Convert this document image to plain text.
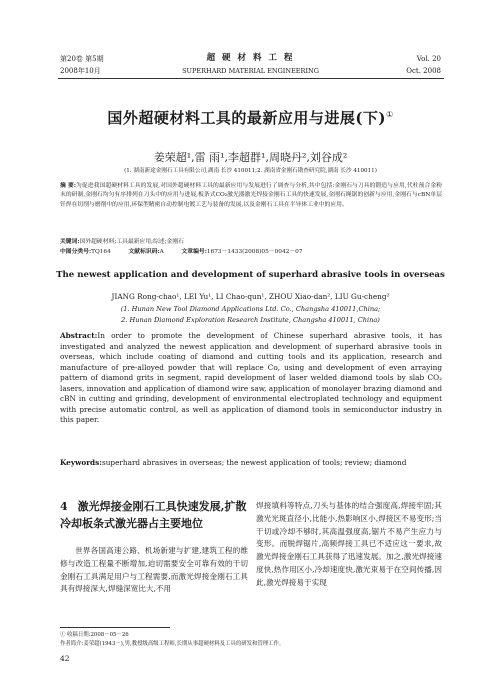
第20卷 第5期
2008年10月
超 硬 材 料 工 程
SUPERHARD MATERIAL ENGINEERING
Vol. 20
Oct. 2008
国外超硬材料工具的最新应用与进展(下)①
姜荣超¹,雷 雨¹,李超群¹,周晓丹²,刘谷成²
(1. 湖南新途金刚石工具有限公司,湖南 长沙 410011;2. 湖南省金刚石勘查研究院,湖南 长沙 410011)
摘 要:为促进我国超硬材料工具的发展,对国外超硬材料工具的最新应用与发展进行了调查与分析,其中包括:金刚石与刀具的锻造与应用,代柱预合金粉末的研制,金刚石均匀有序排列在刀头中的应用与进展,板条式CO₂激光器激光焊接金刚石工具的快速发展,金刚石绳锯的创新与应用,金刚石与cBN单层钎焊在切削与磨削中的应用,环保型精密自动控制电镀工艺与装备的发展,以及金刚石工具在半导体工业中的应用。
关键词:国外超硬材料;工具最新应用;综述;金刚石
中图分类号:TQ164	文献标识码:A	文章编号:1673－1433(2008)05－0042－07
The newest application and development of superhard abrasive tools in overseas
JIANG Rong-chao¹, LEI Yu¹, LI Chao-qun¹, ZHOU Xiao-dan², LIU Gu-cheng²
(1. Hunan New Tool Diamond Applications Ltd. Co., Changsha 410011,China;
2. Hunan Diamond Exploration Research Institute, Changsha 410011, China)
Abstract:In order to promote the development of Chinese superhard abrasive tools, it has investigated and analyzed the newest application and development of superhard abrasive tools in overseas, which include coating of diamond and cutting tools and its application, research and manufacture of pre-alloyed powder that will replace Co, using and development of even arraying pattern of diamond grits in segment, rapid development of laser welded diamond tools by slab CO₂ lasers, innovation and application of diamond wire saw, application of monolayer brazing diamond and cBN in cutting and grinding, development of environmental electroplated technology and equipment with precise automatic control, as well as application of diamond tools in semiconductor industry in this paper.
Keywords:superhard abrasives in overseas; the newest application of tools; review; diamond
4 激光焊接金刚石工具快速发展,扩散冷却板条式激光器占主要地位
世界各国高速公路、机场新建与扩建,建筑工程的维修与改造工程量不断增加,迫切需要安全可靠有效的干切金刚石工具满足用户与工程需要,而激光焊接金刚石工具具有焊接深大,焊缝深宽比大,不用
焊接填料等特点,刀头与基体的结合强度高,焊接牢固;其激光光斑直径小,比能小,热影响区小,焊接区不易变形;当干切或冷却不够时,其高温强度高,锯片不易产生应力与变形。而脱焊锯片,高频焊接工具已不适应这一要求,故激光焊接金刚石工具获得了迅速发展。加之,激光焊接速度快,热作用区小,冷却速度快,激光束易于在空间传播,因此,激光焊接易于实现
① 收稿日期:2008－05－26
作者简介:姜荣超(1943－),男,教授级高级工程师,长期从事超硬材料及工具的研发和管理工作。
42
